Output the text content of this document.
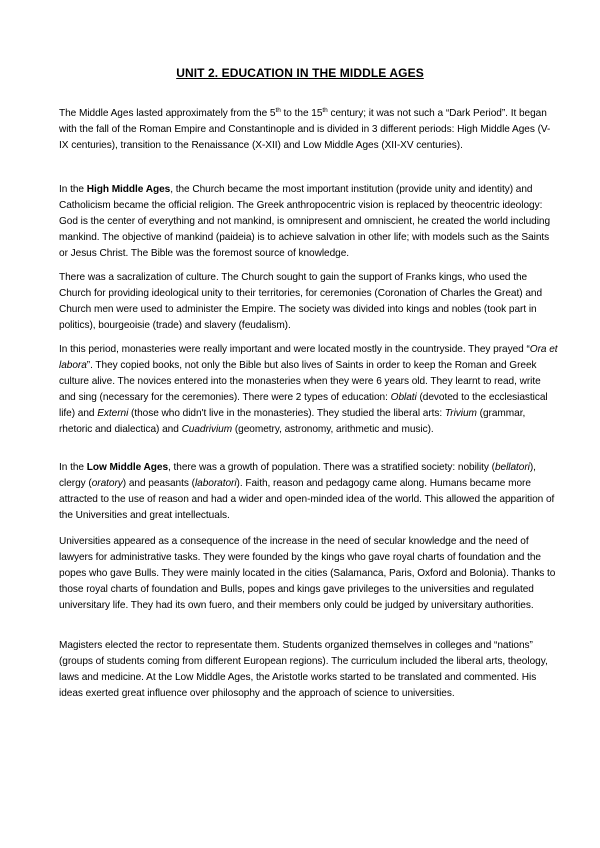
UNIT 2. EDUCATION IN THE MIDDLE AGES
The Middle Ages lasted approximately from the 5th to the 15th century; it was not such a “Dark Period”. It began with the fall of the Roman Empire and Constantinople and is divided in 3 different periods: High Middle Ages (V-IX centuries), transition to the Renaissance (X-XII) and Low Middle Ages (XII-XV centuries).
In the High Middle Ages, the Church became the most important institution (provide unity and identity) and Catholicism became the official religion. The Greek anthropocentric vision is replaced by theocentric ideology: God is the center of everything and not mankind, is omnipresent and omniscient, he created the world including mankind. The objective of mankind (paideia) is to achieve salvation in other life; with models such as the Saints or Jesus Christ. The Bible was the foremost source of knowledge.
There was a sacralization of culture. The Church sought to gain the support of Franks kings, who used the Church for providing ideological unity to their territories, for ceremonies (Coronation of Charles the Great) and Church men were used to administer the Empire. The society was divided into kings and nobles (took part in politics), bourgeoisie (trade) and slavery (feudalism).
In this period, monasteries were really important and were located mostly in the countryside. They prayed “Ora et labora”. They copied books, not only the Bible but also lives of Saints in order to keep the Roman and Greek culture alive. The novices entered into the monasteries when they were 6 years old. They learnt to read, write and sing (necessary for the ceremonies). There were 2 types of education: Oblati (devoted to the ecclesiastical life) and Externi (those who didn't live in the monasteries). They studied the liberal arts: Trivium (grammar, rhetoric and dialectica) and Cuadrivium (geometry, astronomy, arithmetic and music).
In the Low Middle Ages, there was a growth of population. There was a stratified society: nobility (bellatori), clergy (oratory) and peasants (laboratori). Faith, reason and pedagogy came along. Humans became more attracted to the use of reason and had a wider and open-minded idea of the world. This allowed the apparition of the Universities and great intellectuals.
Universities appeared as a consequence of the increase in the need of secular knowledge and the need of lawyers for administrative tasks. They were founded by the kings who gave royal charts of foundation and the popes who gave Bulls. They were mainly located in the cities (Salamanca, Paris, Oxford and Bolonia). Thanks to those royal charts of foundation and Bulls, popes and kings gave privileges to the universities and regulated universitary life. They had its own fuero, and their members only could be judged by universitary authorities.
Magisters elected the rector to representate them. Students organized themselves in colleges and “nations” (groups of students coming from different European regions). The curriculum included the liberal arts, theology, laws and medicine. At the Low Middle Ages, the Aristotle works started to be translated and commented. His ideas exerted great influence over philosophy and the approach of science to universities.
